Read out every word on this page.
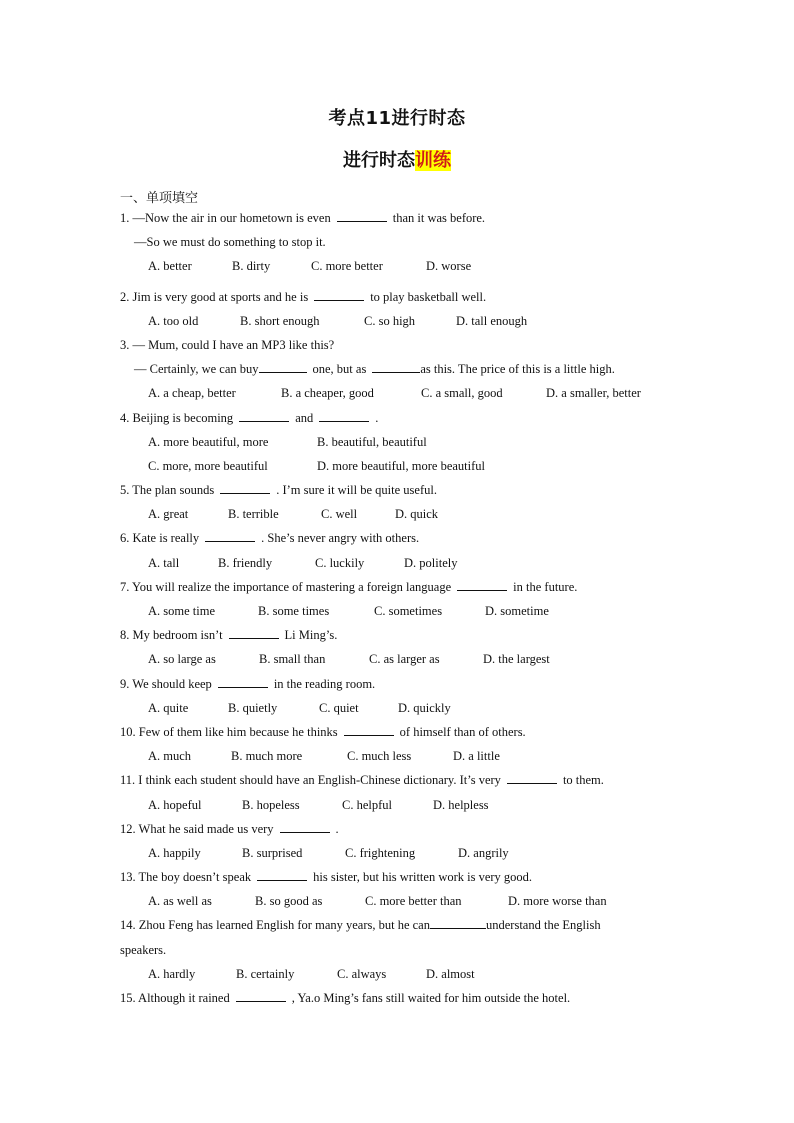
考点11进行时态
进行时态训练
一、单项填空
1. —Now the air in our hometown is even	than it was before.
—So we must do something to stop it.
A. better	B. dirty	C. more better	D. worse
2. Jim is very good at sports and he is	to play basketball well.
A. too old	B. short enough	C. so high	D. tall enough
3. — Mum, could I have an MP3 like this?
— Certainly, we can buy	one, but as	as this. The price of this is a little high.
A. a cheap, better	B. a cheaper, good	C. a small, good	D. a smaller, better
4. Beijing is becoming	and	.
A. more beautiful, more	B. beautiful, beautiful
C. more, more beautiful	D. more beautiful, more beautiful
5. The plan sounds	. I’m sure it will be quite useful.
A. great	B. terrible	C. well	D. quick
6. Kate is really	. She’s never angry with others.
A. tall	B. friendly	C. luckily	D. politely
7. You will realize the importance of mastering a foreign language	in the future.
A. some time	B. some times	C. sometimes	D. sometime
8. My bedroom isn’t	Li Ming’s.
A. so large as	B. small than	C. as larger as	D. the largest
9. We should keep	in the reading room.
A. quite	B. quietly	C. quiet	D. quickly
10. Few of them like him because he thinks	of himself than of others.
A. much	B. much more	C. much less	D. a little
11. I think each student should have an English-Chinese dictionary. It’s very	to them.
A. hopeful	B. hopeless	C. helpful	D. helpless
12. What he said made us very	.
A. happily	B. surprised	C. frightening	D. angrily
13. The boy doesn’t speak	his sister, but his written work is very good.
A. as well as	B. so good as	C. more better than	D. more worse than
14. Zhou Feng has learned English for many years, but he can	understand the English
speakers.
A. hardly	B. certainly	C. always	D. almost
15. Although it rained	, Ya.o Ming’s fans still waited for him outside the hotel.
